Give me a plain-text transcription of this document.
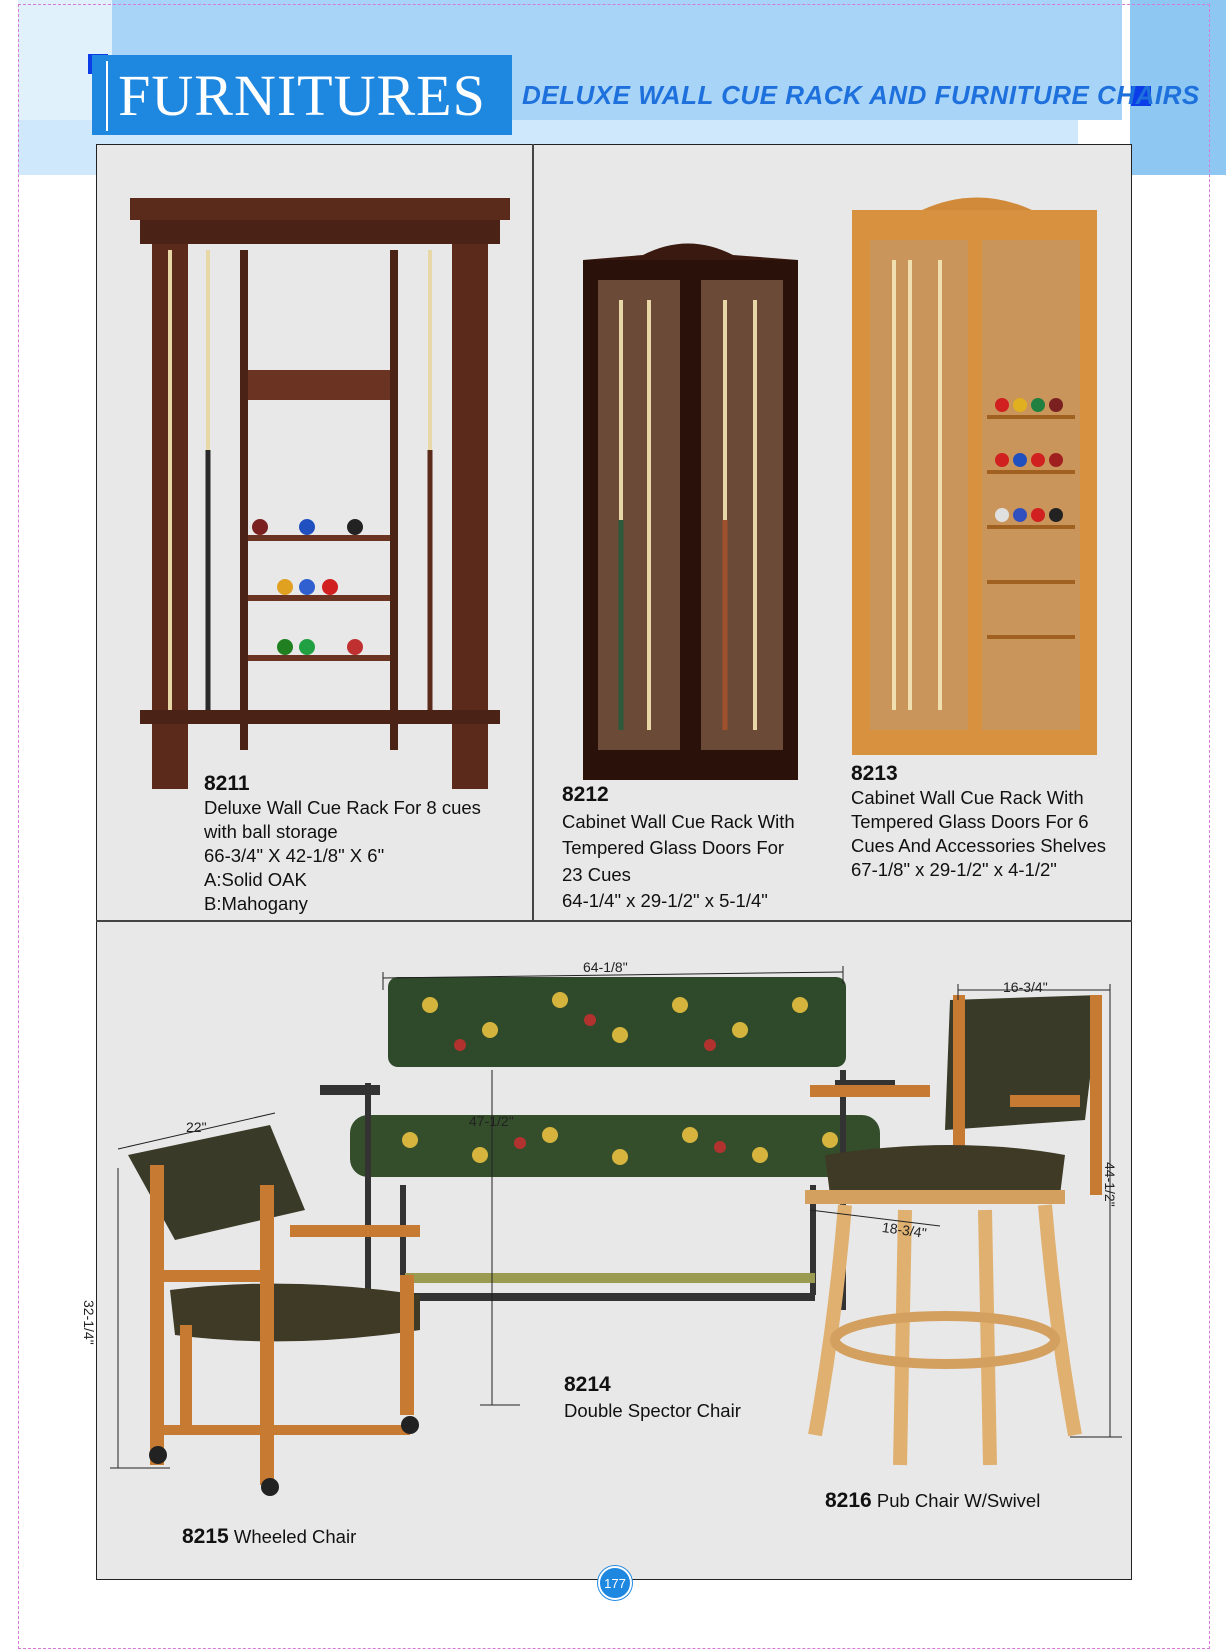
FURNITURES DELUXE WALL CUE RACK AND FURNITURE CHAIRS
8211
Deluxe Wall Cue Rack For 8 cues
with ball storage
66-3/4" X 42-1/8" X 6"
A:Solid OAK
B:Mahogany
8212
Cabinet Wall Cue Rack With
Tempered Glass Doors For
23 Cues
64-1/4" x 29-1/2" x 5-1/4"
8213
Cabinet Wall Cue Rack With
Tempered Glass Doors For 6
Cues And Accessories Shelves
67-1/8" x 29-1/2" x 4-1/2"
64-1/8"
47-1/2"
22"
32-1/4"
16-3/4"
44-1/2"
18-3/4"
8214
Double Spector Chair
8215 Wheeled Chair
8216 Pub Chair W/Swivel
177
